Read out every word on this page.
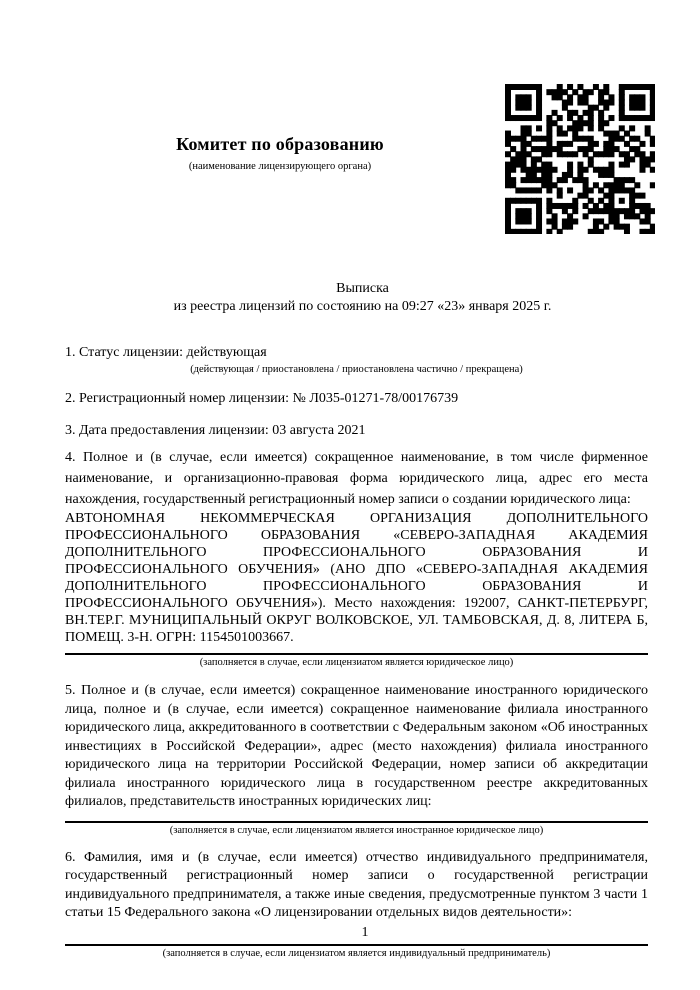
Комитет по образованию
(наименование лицензирующего органа)
Выписка
из реестра лицензий по состоянию на 09:27 «23» января 2025 г.
1. Статус лицензии: действующая
(действующая / приостановлена / приостановлена частично / прекращена)
2. Регистрационный номер лицензии: № Л035-01271-78/00176739
3. Дата предоставления лицензии: 03 августа 2021

4. Полное и (в случае, если имеется) сокращенное наименование, в том числе фирменное наименование, и организационно-правовая форма юридического лица, адрес его места нахождения, государственный регистрационный номер записи о создании юридического лица:

АВТОНОМНАЯ НЕКОММЕРЧЕСКАЯ ОРГАНИЗАЦИЯ ДОПОЛНИТЕЛЬНОГО ПРОФЕССИОНАЛЬНОГО ОБРАЗОВАНИЯ «СЕВЕРО-ЗАПАДНАЯ АКАДЕМИЯ ДОПОЛНИТЕЛЬНОГО ПРОФЕССИОНАЛЬНОГО ОБРАЗОВАНИЯ И ПРОФЕССИОНАЛЬНОГО ОБУЧЕНИЯ» (АНО ДПО «СЕВЕРО-ЗАПАДНАЯ АКАДЕМИЯ ДОПОЛНИТЕЛЬНОГО ПРОФЕССИОНАЛЬНОГО ОБРАЗОВАНИЯ И ПРОФЕССИОНАЛЬНОГО ОБУЧЕНИЯ»). Место нахождения: 192007, САНКТ-ПЕТЕРБУРГ, ВН.ТЕР.Г. МУНИЦИПАЛЬНЫЙ ОКРУГ ВОЛКОВСКОЕ, УЛ. ТАМБОВСКАЯ, Д. 8, ЛИТЕРА Б, ПОМЕЩ. 3-Н. ОГРН: 1154501003667.

(заполняется в случае, если лицензиатом является юридическое лицо)

5. Полное и (в случае, если имеется) сокращенное наименование иностранного юридического лица, полное и (в случае, если имеется) сокращенное наименование филиала иностранного юридического лица, аккредитованного в соответствии с Федеральным законом «Об иностранных инвестициях в Российской Федерации», адрес (место нахождения) филиала иностранного юридического лица на территории Российской Федерации, номер записи об аккредитации филиала иностранного юридического лица в государственном реестре аккредитованных филиалов, представительств иностранных юридических лиц:

(заполняется в случае, если лицензиатом является иностранное юридическое лицо)

6. Фамилия, имя и (в случае, если имеется) отчество индивидуального предпринимателя, государственный регистрационный номер записи о государственной регистрации индивидуального предпринимателя, а также иные сведения, предусмотренные пунктом 3 части 1 статьи 15 Федерального закона «О лицензировании отдельных видов деятельности»:

(заполняется в случае, если лицензиатом является индивидуальный предприниматель)
1
